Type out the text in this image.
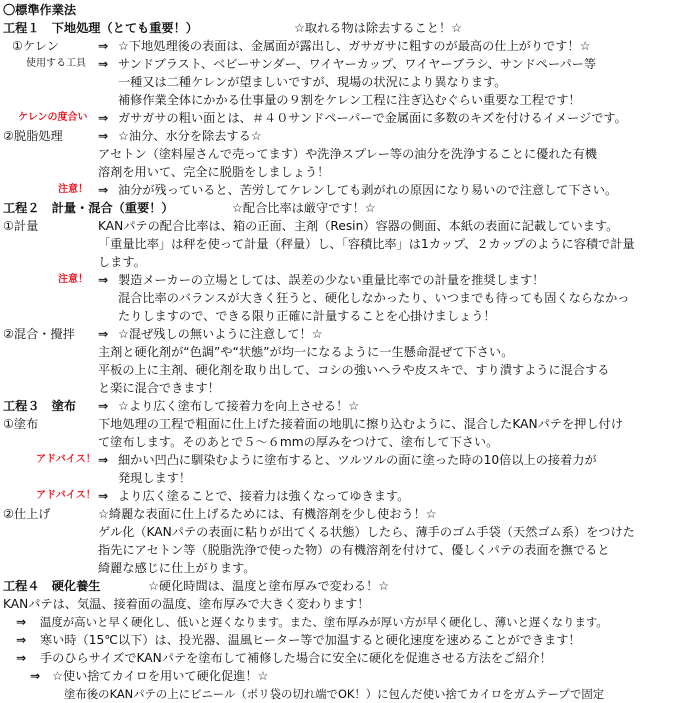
〇標準作業法
工程１　下地処理（とても重要！）	☆取れる物は除去すること！☆
①ケレン	⇒ ☆下地処理後の表面は、金属面が露出し、ガサガサに粗すのが最高の仕上がりです！☆
使用する工具 ⇒ サンドブラスト、ベビーサンダー、ワイヤーカップ、ワイヤーブラシ、サンドペーパー等
一種又は二種ケレンが望ましいですが、現場の状況により異なります。
補修作業全体にかかる仕事量の９割をケレン工程に注ぎ込むぐらい重要な工程です！
ケレンの度合い ⇒ ガサガサの粗い面とは、＃４０サンドペーパーで金属面に多数のキズを付けるイメージです。
②脱脂処理	⇒ ☆油分、水分を除去する☆
アセトン（塗料屋さんで売ってます）や洗浄スプレー等の油分を洗浄することに優れた有機
溶剤を用いて、完全に脱脂をしましょう！
注意！ ⇒ 油分が残っていると、苦労してケレンしても剥がれの原因になり易いので注意して下さい。
工程２　計量・混合（重要！）	☆配合比率は厳守です！☆
①計量	KANパテの配合比率は、箱の正面、主剤（Resin）容器の側面、本紙の表面に記載しています。
「重量比率」は秤を使って計量（秤量）し、「容積比率」は1カップ、２カップのように容積で計量
します。
注意！ ⇒ 製造メーカーの立場としては、誤差の少ない重量比率での計量を推奨します！
混合比率のバランスが大きく狂うと、硬化しなかったり、いつまでも待っても固くならなかっ
たりしますので、できる限り正確に計量することを心掛けましょう！
②混合・攪拌 ⇒ ☆混ぜ残しの無いように注意して！☆
主剤と硬化剤が“色調”や“状態”が均一になるように一生懸命混ぜて下さい。
平板の上に主剤、硬化剤を取り出して、コシの強いヘラや皮スキで、すり潰すように混合する
と楽に混合できます！
工程３　塗布 ⇒ ☆より広く塗布して接着力を向上させる！☆
①塗布	下地処理の工程で粗面に仕上げた接着面の地肌に擦り込むように、混合したKANパテを押し付け
て塗布します。そのあとで５～６mmの厚みをつけて、塗布して下さい。
アドバイス！ ⇒ 細かい凹凸に馴染むように塗布すると、ツルツルの面に塗った時の10倍以上の接着力が
発現します！
アドバイス！ ⇒ より広く塗ることで、接着力は強くなってゆきます。
②仕上げ	☆綺麗な表面に仕上げるためには、有機溶剤を少し使おう！☆
ゲル化（KANパテの表面に粘りが出てくる状態）したら、薄手のゴム手袋（天然ゴム系）をつけた
指先にアセトン等（脱脂洗浄で使った物）の有機溶剤を付けて、優しくパテの表面を撫でると
綺麗な感じに仕上がります。
工程４　硬化養生	☆硬化時間は、温度と塗布厚みで変わる！☆
KANパテは、気温、接着面の温度、塗布厚みで大きく変わります！
⇒ 温度が高いと早く硬化し、低いと遅くなります。また、塗布厚みが厚い方が早く硬化し、薄いと遅くなります。
⇒ 寒い時（15℃以下）は、投光器、温風ヒーター等で加温すると硬化速度を速めることができます！
⇒ 手のひらサイズでKANパテを塗布して補修した場合に安全に硬化を促進させる方法をご紹介！
⇒ ☆使い捨てカイロを用いて硬化促進！☆
塗布後のKANパテの上にビニール（ポリ袋の切れ端でOK！）に包んだ使い捨てカイロをガムテープで固定
